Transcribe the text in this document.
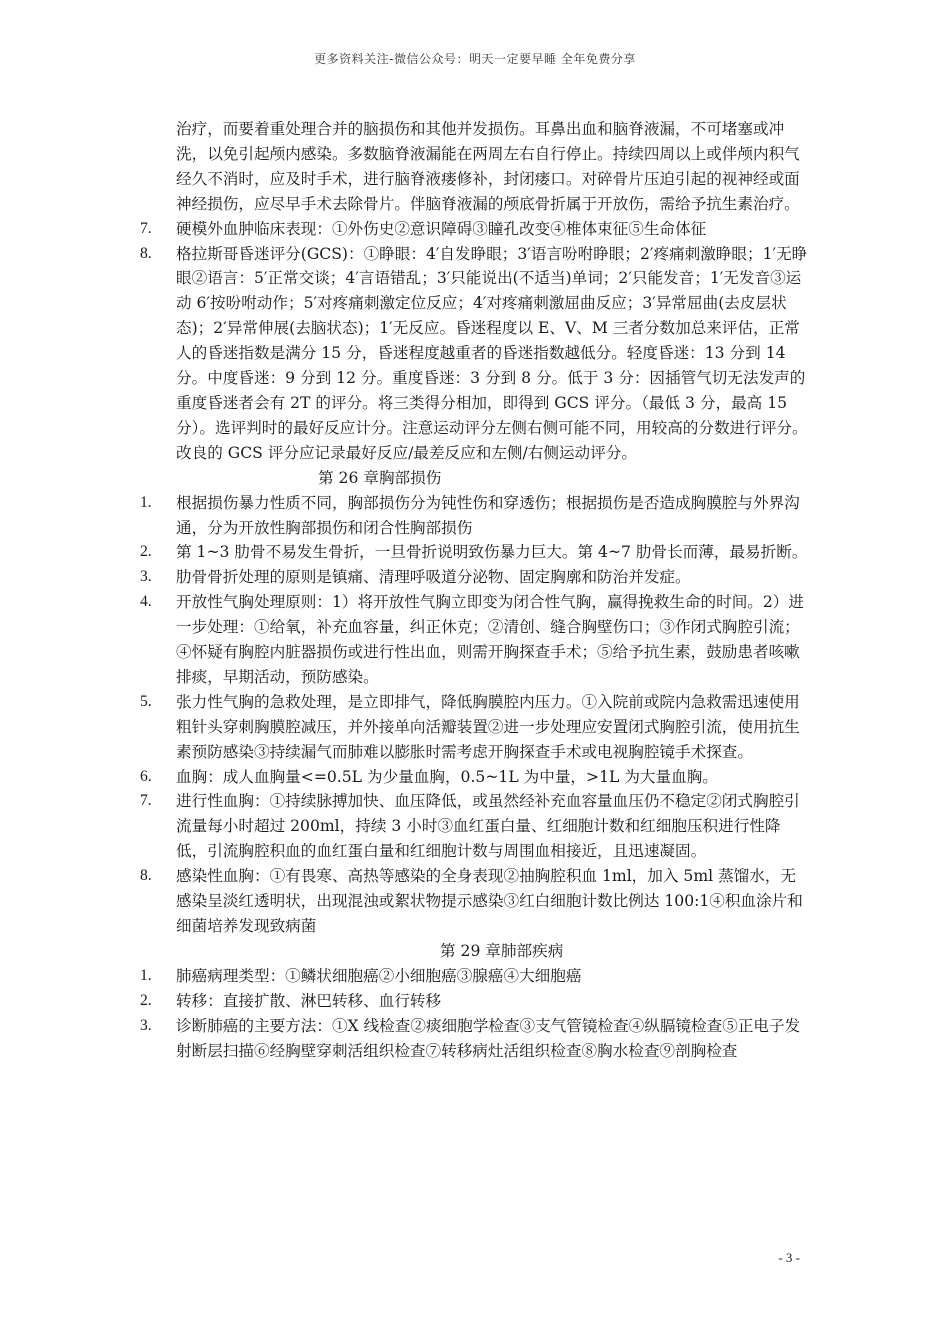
更多资料关注-微信公众号：明天一定要早睡 全年免费分享

治疗，而要着重处理合并的脑损伤和其他并发损伤。耳鼻出血和脑脊液漏，不可堵塞或冲洗，以免引起颅内感染。多数脑脊液漏能在两周左右自行停止。持续四周以上或伴颅内积气经久不消时，应及时手术，进行脑脊液瘘修补，封闭瘘口。对碎骨片压迫引起的视神经或面神经损伤，应尽早手术去除骨片。伴脑脊液漏的颅底骨折属于开放伤，需给予抗生素治疗。

7.	硬模外血肿临床表现：①外伤史②意识障碍③瞳孔改变④椎体束征⑤生命体征
8.	格拉斯哥昏迷评分(GCS)：①睁眼：4′自发睁眼；3′语言吩咐睁眼；2′疼痛刺激睁眼；1′无睁眼②语言：5′正常交谈；4′言语错乱；3′只能说出(不适当)单词；2′只能发音；1′无发音③运动 6′按吩咐动作；5′对疼痛刺激定位反应；4′对疼痛刺激屈曲反应；3′异常屈曲(去皮层状态)；2′异常伸展(去脑状态)；1′无反应。昏迷程度以 E、V、M 三者分数加总来评估，正常人的昏迷指数是满分 15 分，昏迷程度越重者的昏迷指数越低分。轻度昏迷：13 分到 14 分。中度昏迷：9 分到 12 分。重度昏迷：3 分到 8 分。低于 3 分：因插管气切无法发声的重度昏迷者会有 2T 的评分。将三类得分相加，即得到 GCS 评分。（最低 3 分，最高 15 分）。选评判时的最好反应计分。注意运动评分左侧右侧可能不同，用较高的分数进行评分。改良的 GCS 评分应记录最好反应/最差反应和左侧/右侧运动评分。

第 26 章胸部损伤

1.	根据损伤暴力性质不同，胸部损伤分为钝性伤和穿透伤；根据损伤是否造成胸膜腔与外界沟通，分为开放性胸部损伤和闭合性胸部损伤
2.	第 1~3 肋骨不易发生骨折，一旦骨折说明致伤暴力巨大。第 4~7 肋骨长而薄，最易折断。
3.	肋骨骨折处理的原则是镇痛、清理呼吸道分泌物、固定胸廓和防治并发症。
4.	开放性气胸处理原则：1）将开放性气胸立即变为闭合性气胸，赢得挽救生命的时间。2）进一步处理：①给氧，补充血容量，纠正休克；②清创、缝合胸壁伤口；③作闭式胸腔引流；④怀疑有胸腔内脏器损伤或进行性出血，则需开胸探查手术；⑤给予抗生素，鼓励患者咳嗽排痰，早期活动，预防感染。
5.	张力性气胸的急救处理，是立即排气，降低胸膜腔内压力。①入院前或院内急救需迅速使用粗针头穿刺胸膜腔减压，并外接单向活瓣装置②进一步处理应安置闭式胸腔引流，使用抗生素预防感染③持续漏气而肺难以膨胀时需考虑开胸探查手术或电视胸腔镜手术探查。
6.	血胸：成人血胸量<=0.5L 为少量血胸，0.5~1L 为中量，>1L 为大量血胸。
7.	进行性血胸：①持续脉搏加快、血压降低，或虽然经补充血容量血压仍不稳定②闭式胸腔引流量每小时超过 200ml，持续 3 小时③血红蛋白量、红细胞计数和红细胞压积进行性降低，引流胸腔积血的血红蛋白量和红细胞计数与周围血相接近，且迅速凝固。
8.	感染性血胸：①有畏寒、高热等感染的全身表现②抽胸腔积血 1ml，加入 5ml 蒸馏水，无感染呈淡红透明状，出现混浊或絮状物提示感染③红白细胞计数比例达 100:1④积血涂片和细菌培养发现致病菌

第 29 章肺部疾病

1.	肺癌病理类型：①鳞状细胞癌②小细胞癌③腺癌④大细胞癌
2.	转移：直接扩散、淋巴转移、血行转移
3.	诊断肺癌的主要方法：①X 线检查②痰细胞学检查③支气管镜检查④纵膈镜检查⑤正电子发射断层扫描⑥经胸壁穿刺活组织检查⑦转移病灶活组织检查⑧胸水检查⑨剖胸检查
- 3 -
